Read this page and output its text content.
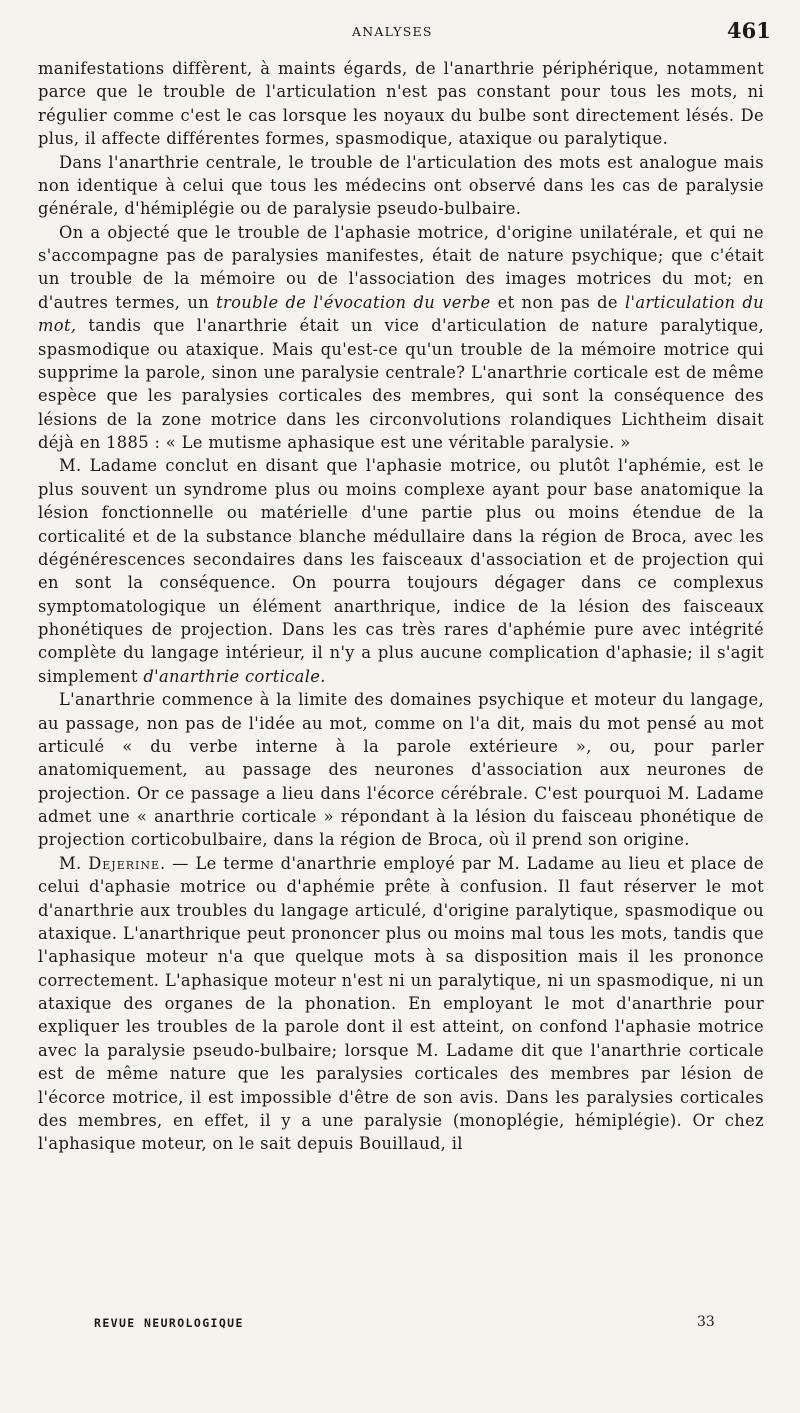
ANALYSES	461

manifestations diffèrent, à maints égards, de l'anarthrie périphérique, notamment parce que le trouble de l'articulation n'est pas constant pour tous les mots, ni régulier comme c'est le cas lorsque les noyaux du bulbe sont directement lésés. De plus, il affecte différentes formes, spasmodique, ataxique ou paralytique.

Dans l'anarthrie centrale, le trouble de l'articulation des mots est analogue mais non identique à celui que tous les médecins ont observé dans les cas de paralysie générale, d'hémiplégie ou de paralysie pseudo-bulbaire.

On a objecté que le trouble de l'aphasie motrice, d'origine unilatérale, et qui ne s'accompagne pas de paralysies manifestes, était de nature psychique; que c'était un trouble de la mémoire ou de l'association des images motrices du mot; en d'autres termes, un trouble de l'évocation du verbe et non pas de l'articulation du mot, tandis que l'anarthrie était un vice d'articulation de nature paralytique, spasmodique ou ataxique. Mais qu'est-ce qu'un trouble de la mémoire motrice qui supprime la parole, sinon une paralysie centrale? L'anarthrie corticale est de même espèce que les paralysies corticales des membres, qui sont la conséquence des lésions de la zone motrice dans les circonvolutions rolandiques Lichtheim disait déjà en 1885 : « Le mutisme aphasique est une véritable paralysie. »

M. Ladame conclut en disant que l'aphasie motrice, ou plutôt l'aphémie, est le plus souvent un syndrome plus ou moins complexe ayant pour base anatomique la lésion fonctionnelle ou matérielle d'une partie plus ou moins étendue de la corticalité et de la substance blanche médullaire dans la région de Broca, avec les dégénérescences secondaires dans les faisceaux d'association et de projection qui en sont la conséquence. On pourra toujours dégager dans ce complexus symptomatologique un élément anarthrique, indice de la lésion des faisceaux phonétiques de projection. Dans les cas très rares d'aphémie pure avec intégrité complète du langage intérieur, il n'y a plus aucune complication d'aphasie; il s'agit simplement d'anarthrie corticale.

L'anarthrie commence à la limite des domaines psychique et moteur du langage, au passage, non pas de l'idée au mot, comme on l'a dit, mais du mot pensé au mot articulé « du verbe interne à la parole extérieure », ou, pour parler anatomiquement, au passage des neurones d'association aux neurones de projection. Or ce passage a lieu dans l'écorce cérébrale. C'est pourquoi M. Ladame admet une « anarthrie corticale » répondant à la lésion du faisceau phonétique de projection corticobulbaire, dans la région de Broca, où il prend son origine.

M. Dejerine. — Le terme d'anarthrie employé par M. Ladame au lieu et place de celui d'aphasie motrice ou d'aphémie prête à confusion. Il faut réserver le mot d'anarthrie aux troubles du langage articulé, d'origine paralytique, spasmodique ou ataxique. L'anarthrique peut prononcer plus ou moins mal tous les mots, tandis que l'aphasique moteur n'a que quelque mots à sa disposition mais il les prononce correctement. L'aphasique moteur n'est ni un paralytique, ni un spasmodique, ni un ataxique des organes de la phonation. En employant le mot d'anarthrie pour expliquer les troubles de la parole dont il est atteint, on confond l'aphasie motrice avec la paralysie pseudo-bulbaire; lorsque M. Ladame dit que l'anarthrie corticale est de même nature que les paralysies corticales des membres par lésion de l'écorce motrice, il est impossible d'être de son avis. Dans les paralysies corticales des membres, en effet, il y a une paralysie (monoplégie, hémiplégie). Or chez l'aphasique moteur, on le sait depuis Bouillaud, il

REVUE NEUROLOGIQUE	33
